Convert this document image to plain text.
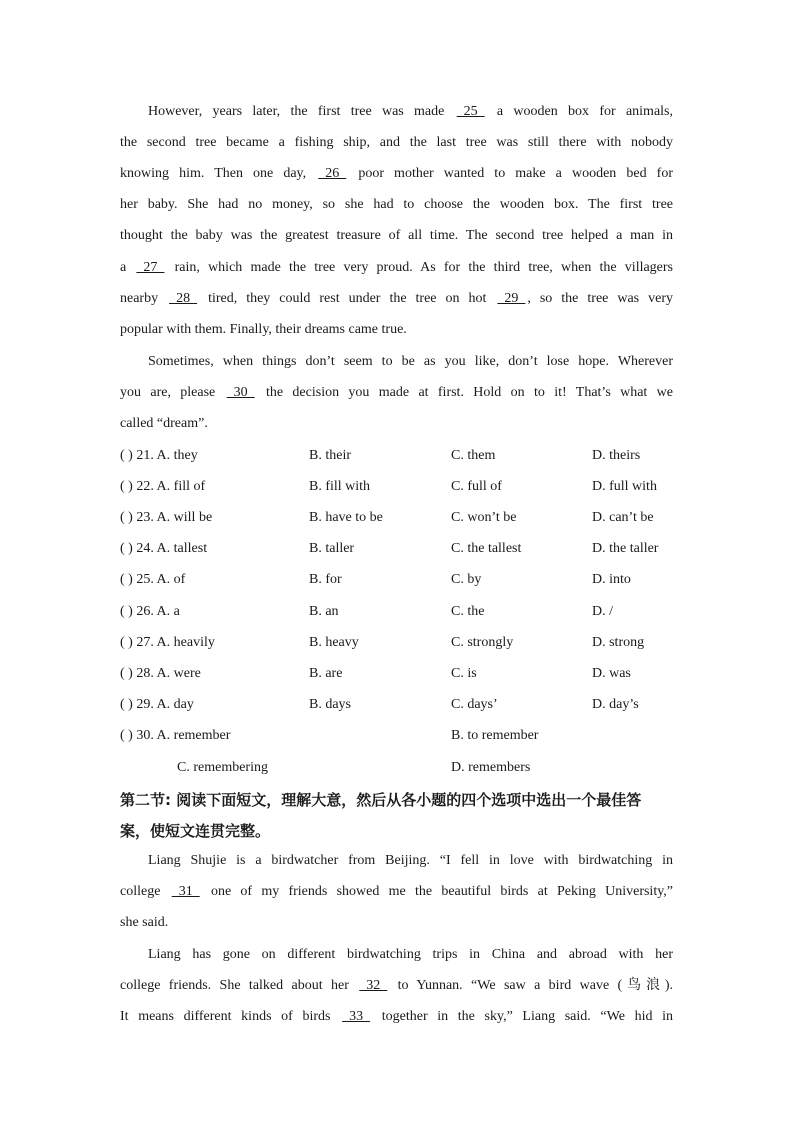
However, years later, the first tree was made   25   a wooden box for animals,
the second tree became a fishing ship, and the last tree was still there with nobody
knowing him. Then one day,   26   poor mother wanted to make a wooden bed for
her baby. She had no money, so she had to choose the wooden box. The first tree
thought the baby was the greatest treasure of all time. The second tree helped a man in
a   27   rain, which made the tree very proud. As for the third tree, when the villagers
nearby   28   tired, they could rest under the tree on hot   29  , so the tree was very
popular with them. Finally, their dreams came true.
Sometimes, when things don’t seem to be as you like, don’t lose hope. Wherever
you are, please   30   the decision you made at first. Hold on to it! That’s what we
called “dream”.
( ) 21. A. they	B. their	C. them	D. theirs
( ) 22. A. fill of	B. fill with	C. full of	D. full with
( ) 23. A. will be	B. have to be	C. won’t be	D. can’t be
( ) 24. A. tallest	B. taller	C. the tallest	D. the taller
( ) 25. A. of	B. for	C. by	D. into
( ) 26. A. a	B. an	C. the	D. /
( ) 27. A. heavily	B. heavy	C. strongly	D. strong
( ) 28. A. were	B. are	C. is	D. was
( ) 29. A. day	B. days	C. days’	D. day’s
( ) 30. A. remember	B. to remember
C. remembering	D. remembers
第二节: 阅读下面短文，理解大意，然后从各小题的四个选项中选出一个最佳答
案，使短文连贯完整。
Liang Shujie is a birdwatcher from Beijing. “I fell in love with birdwatching in
college   31   one of my friends showed me the beautiful birds at Peking University,”
she said.
Liang has gone on different birdwatching trips in China and abroad with her
college friends. She talked about her   32   to Yunnan. “We saw a bird wave (鸟浪).
It means different kinds of birds   33   together in the sky,” Liang said. “We hid in
